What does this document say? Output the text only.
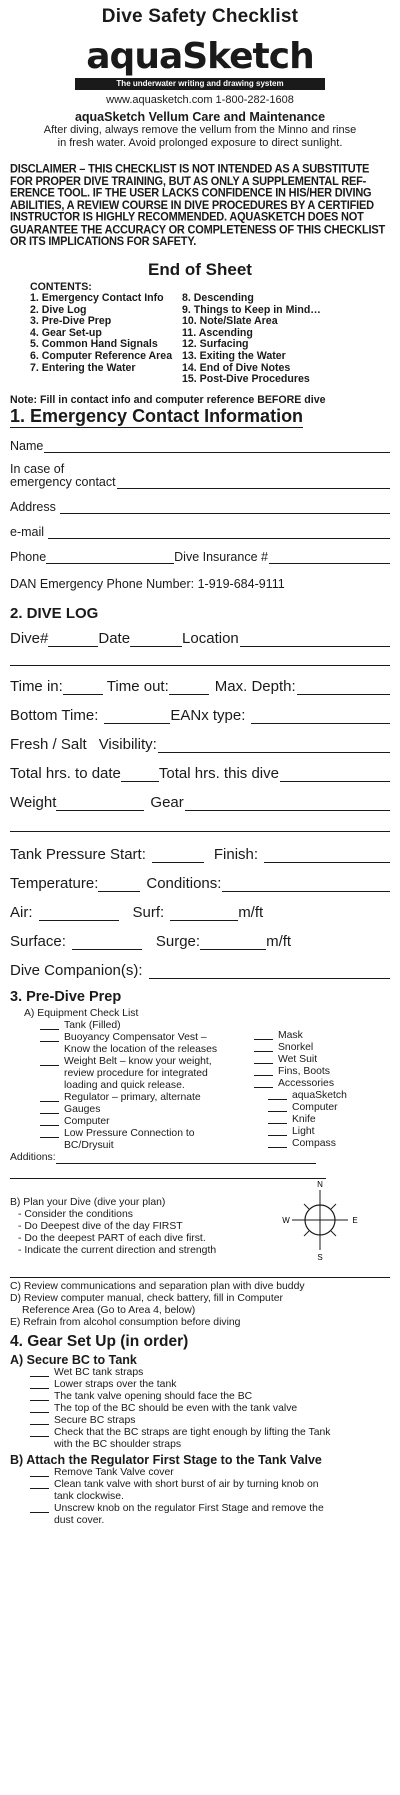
Dive Safety Checklist
aquaSketch
The underwater writing and drawing system
www.aquasketch.com 1-800-282-1608
aquaSketch Vellum Care and Maintenance
After diving, always remove the vellum from the Minno and rinse
in fresh water. Avoid prolonged exposure to direct sunlight.
DISCLAIMER – THIS CHECKLIST IS NOT INTENDED AS A SUBSTITUTE
FOR PROPER DIVE TRAINING, BUT AS ONLY A SUPPLEMENTAL REF-
ERENCE TOOL. IF THE USER LACKS CONFIDENCE IN HIS/HER DIVING
ABILITIES, A REVIEW COURSE IN DIVE PROCEDURES BY A CERTIFIED
INSTRUCTOR IS HIGHLY RECOMMENDED. AQUASKETCH DOES NOT
GUARANTEE THE ACCURACY OR COMPLETENESS OF THIS CHECKLIST
OR ITS IMPLICATIONS FOR SAFETY.
End of Sheet
CONTENTS:
1. Emergency Contact Info
2. Dive Log
3. Pre-Dive Prep
4. Gear Set-up
5. Common Hand Signals
6. Computer Reference Area
7. Entering the Water
8. Descending
9. Things to Keep in Mind…
10. Note/Slate Area
11. Ascending
12. Surfacing
13. Exiting the Water
14. End of Dive Notes
15. Post-Dive Procedures
Note: Fill in contact info and computer reference BEFORE dive
1. Emergency Contact Information
Name
In case of
emergency contact
Address
e-mail
Phone	Dive Insurance #
DAN Emergency Phone Number: 1-919-684-9111
2. DIVE LOG
Dive#	Date	Location
Time in:	Time out:	Max. Depth:
Bottom Time:	EANx type:
Fresh / Salt Visibility:
Total hrs. to date	Total hrs. this dive
Weight	Gear
Tank Pressure Start:	Finish:
Temperature:	Conditions:
Air:	Surf:	m/ft
Surface:	Surge:	m/ft
Dive Companion(s):
3. Pre-Dive Prep
A) Equipment Check List
Tank (Filled)
Buoyancy Compensator Vest –
Know the location of the releases
Weight Belt – know your weight,
review procedure for integrated
loading and quick release.
Regulator – primary, alternate
Gauges
Computer
Low Pressure Connection to
BC/Drysuit
Mask
Snorkel
Wet Suit
Fins, Boots
Accessories
aquaSketch
Computer
Knife
Light
Compass
Additions:
B) Plan your Dive (dive your plan)
- Consider the conditions
- Do Deepest dive of the day FIRST
- Do the deepest PART of each dive first.
- Indicate the current direction and strength
N
S
W	E
C) Review communications and separation plan with dive buddy
D) Review computer manual, check battery, fill in Computer
Reference Area (Go to Area 4, below)
E) Refrain from alcohol consumption before diving
4. Gear Set Up (in order)
A) Secure BC to Tank
Wet BC tank straps
Lower straps over the tank
The tank valve opening should face the BC
The top of the BC should be even with the tank valve
Secure BC straps
Check that the BC straps are tight enough by lifting the Tank
with the BC shoulder straps
B) Attach the Regulator First Stage to the Tank Valve
Remove Tank Valve cover
Clean tank valve with short burst of air by turning knob on
tank clockwise.
Unscrew knob on the regulator First Stage and remove the
dust cover.
